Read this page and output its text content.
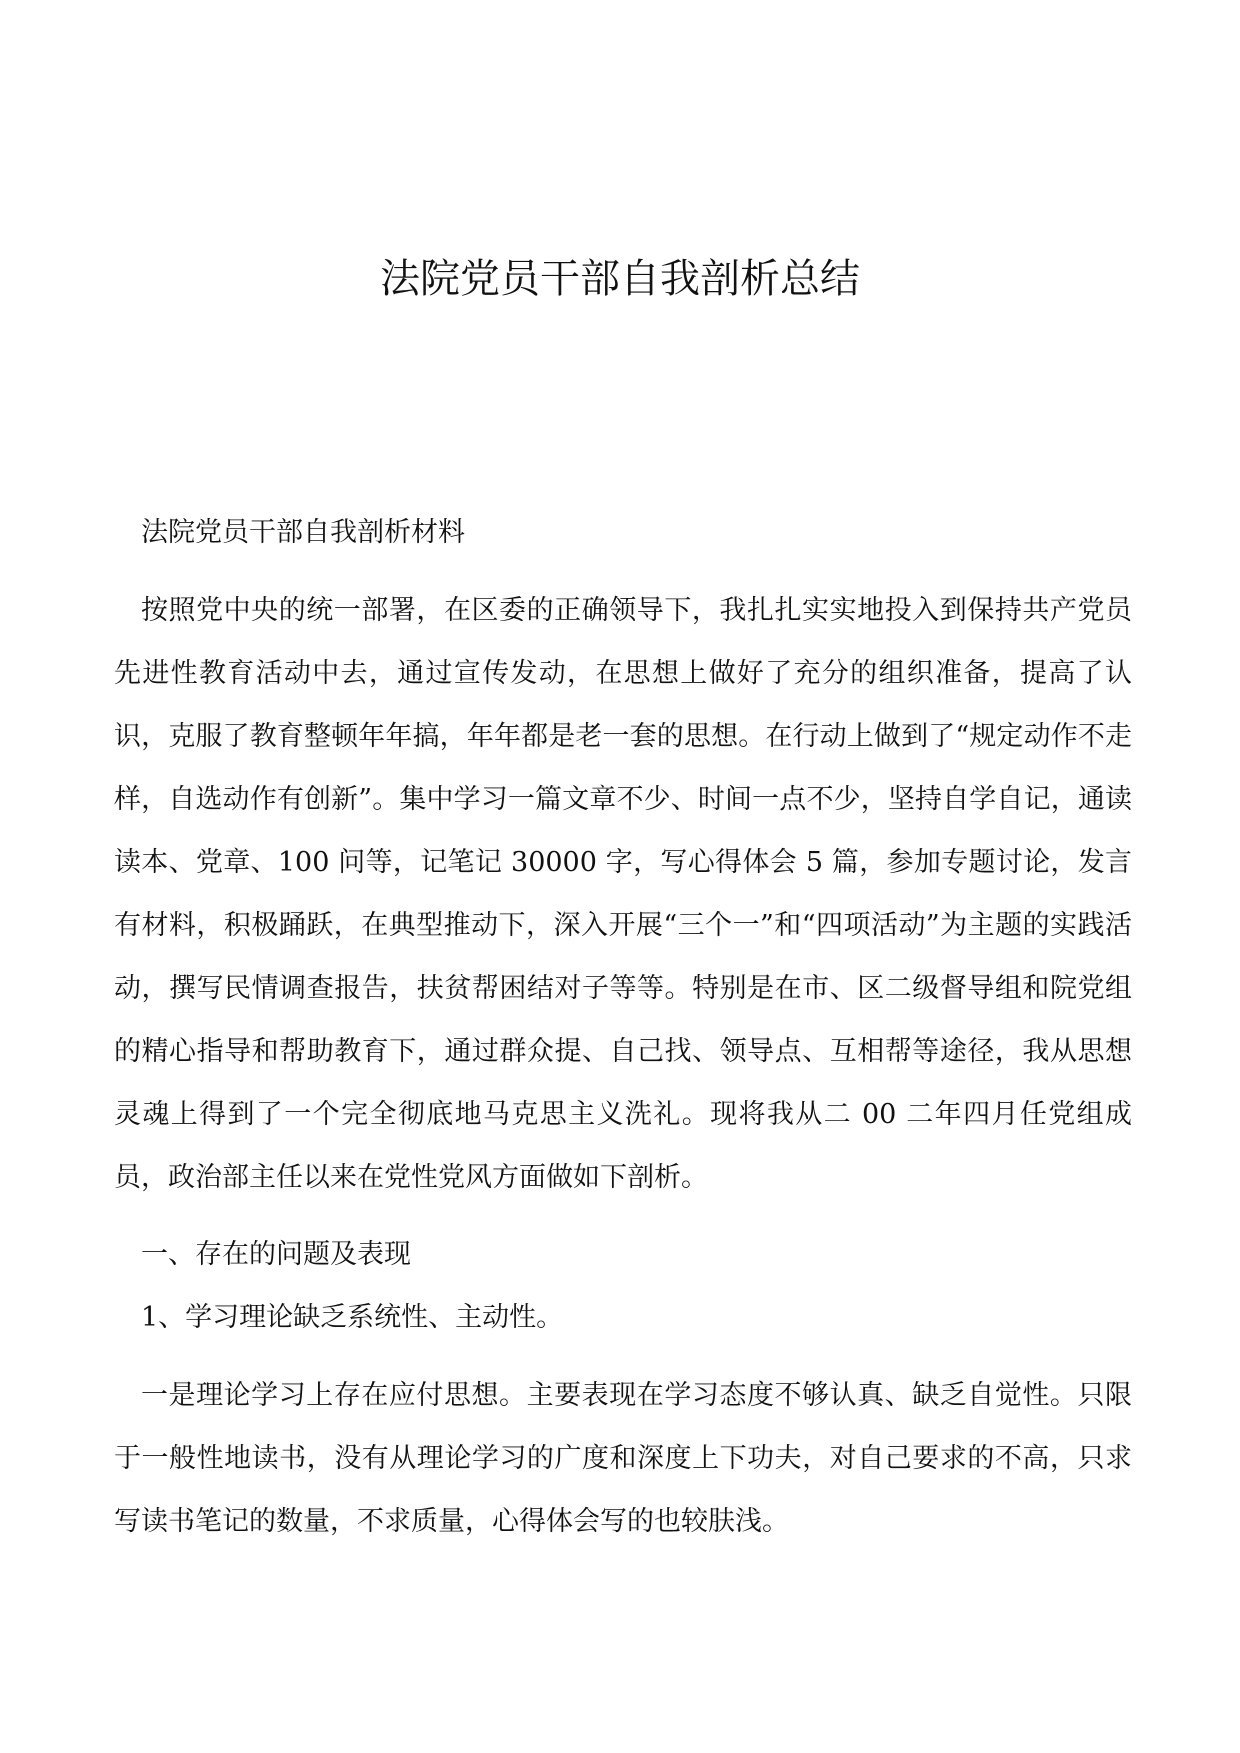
法院党员干部自我剖析总结

法院党员干部自我剖析材料

按照党中央的统一部署，在区委的正确领导下，我扎扎实实地投入到保持共产党员先进性教育活动中去，通过宣传发动，在思想上做好了充分的组织准备，提高了认识，克服了教育整顿年年搞，年年都是老一套的思想。在行动上做到了“规定动作不走样，自选动作有创新”。集中学习一篇文章不少、时间一点不少，坚持自学自记，通读读本、党章、100 问等，记笔记 30000 字，写心得体会 5 篇，参加专题讨论，发言有材料，积极踊跃，在典型推动下，深入开展“三个一”和“四项活动”为主题的实践活动，撰写民情调查报告，扶贫帮困结对子等等。特别是在市、区二级督导组和院党组的精心指导和帮助教育下，通过群众提、自己找、领导点、互相帮等途径，我从思想灵魂上得到了一个完全彻底地马克思主义洗礼。现将我从二 00 二年四月任党组成员，政治部主任以来在党性党风方面做如下剖析。

一、存在的问题及表现

1、学习理论缺乏系统性、主动性。

一是理论学习上存在应付思想。主要表现在学习态度不够认真、缺乏自觉性。只限于一般性地读书，没有从理论学习的广度和深度上下功夫，对自己要求的不高，只求写读书笔记的数量，不求质量，心得体会写的也较肤浅。
